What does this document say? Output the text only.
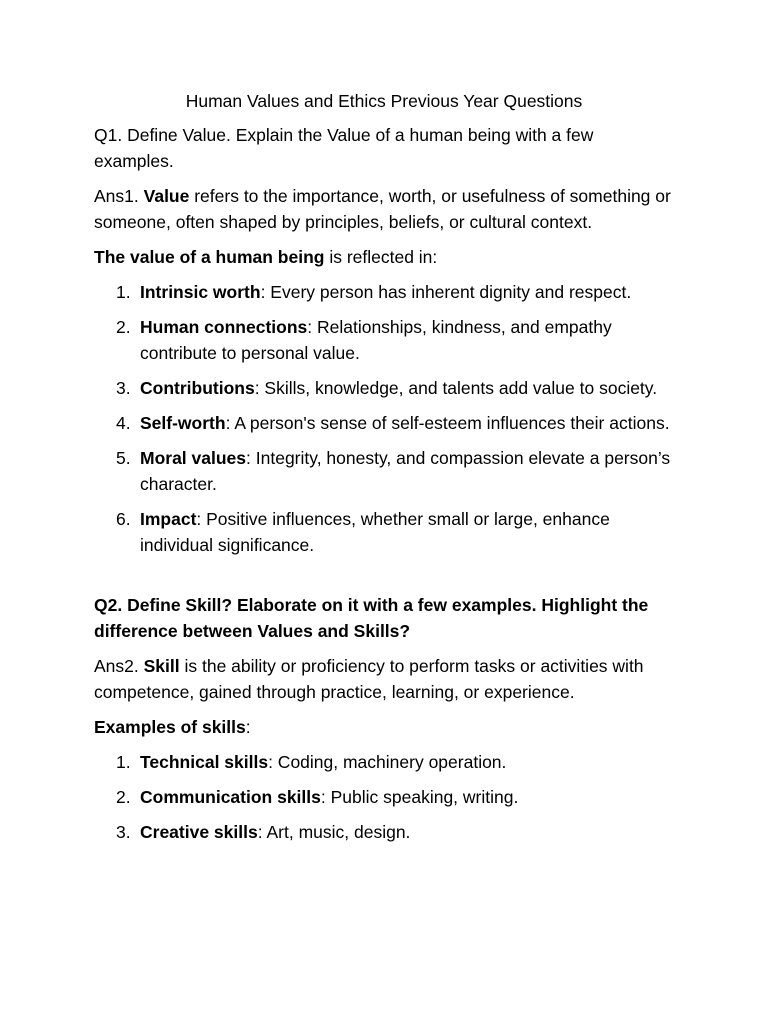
Human Values and Ethics Previous Year Questions

Q1. Define Value. Explain the Value of a human being with a few examples.

Ans1. Value refers to the importance, worth, or usefulness of something or someone, often shaped by principles, beliefs, or cultural context.

The value of a human being is reflected in:

1. Intrinsic worth: Every person has inherent dignity and respect.
2. Human connections: Relationships, kindness, and empathy contribute to personal value.
3. Contributions: Skills, knowledge, and talents add value to society.
4. Self-worth: A person's sense of self-esteem influences their actions.
5. Moral values: Integrity, honesty, and compassion elevate a person’s character.
6. Impact: Positive influences, whether small or large, enhance individual significance.

Q2. Define Skill? Elaborate on it with a few examples. Highlight the difference between Values and Skills?

Ans2. Skill is the ability or proficiency to perform tasks or activities with competence, gained through practice, learning, or experience.

Examples of skills:

1. Technical skills: Coding, machinery operation.
2. Communication skills: Public speaking, writing.
3. Creative skills: Art, music, design.
